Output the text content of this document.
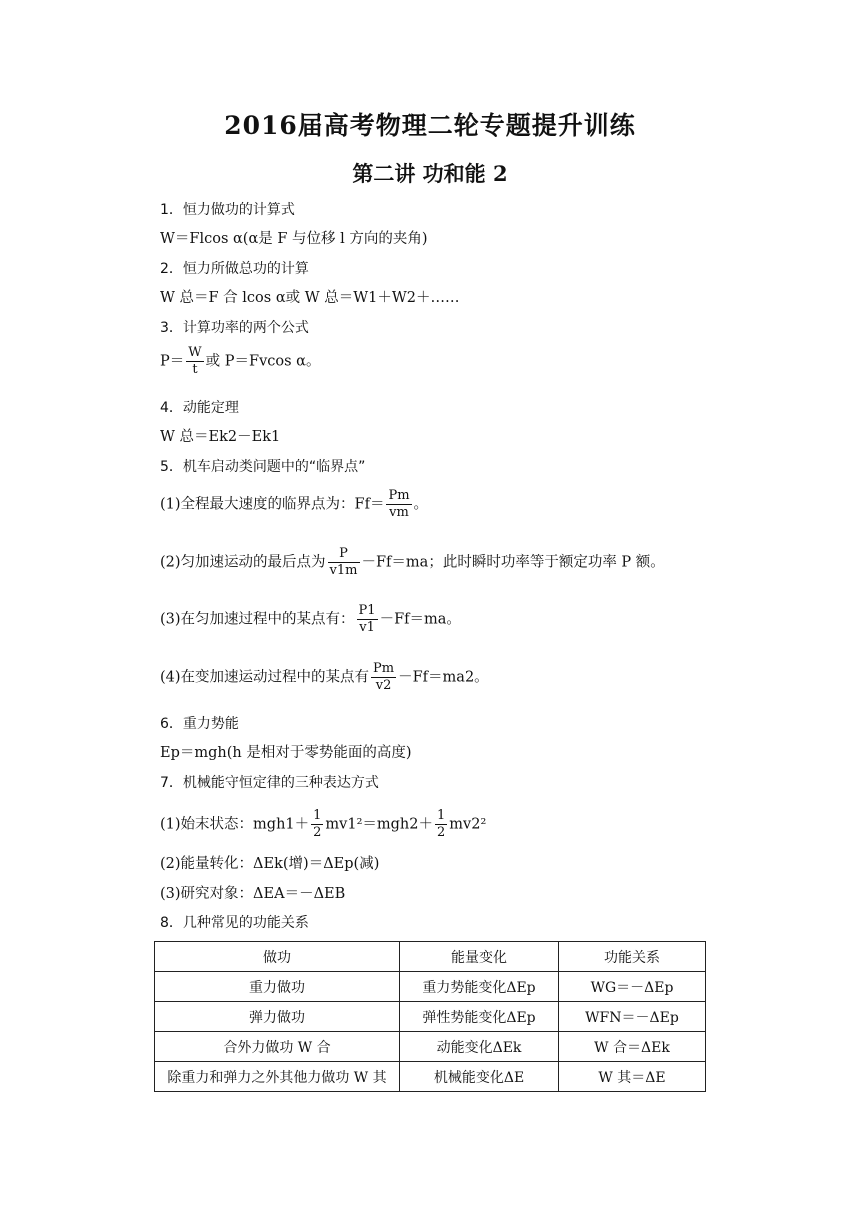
2016届高考物理二轮专题提升训练
第二讲 功和能 2
1．恒力做功的计算式
W＝Flcos α(α是 F 与位移 l 方向的夹角)
2．恒力所做总功的计算
W 总＝F 合 lcos α或 W 总＝W1＋W2＋……
3．计算功率的两个公式
$P= \frac{W}{t}$ 或 P＝Fvcos α。
4．动能定理
W 总＝Ek2－Ek1
5．机车启动类问题中的“临界点”
(1)全程最大速度的临界点为：$Ff= \frac{Pm}{vm}$ 。
(2)匀加速运动的最后点为 $\frac{P}{v1m} -Ff=ma$；此时瞬时功率等于额定功率 P 额。
(3)在匀加速过程中的某点有： $\frac{P1}{v1} -Ff=ma$。
(4)在变加速运动过程中的某点有 $\frac{Pm}{v2} -Ff=ma2$。
6．重力势能
Ep＝mgh(h 是相对于零势能面的高度)
7．机械能守恒定律的三种表达方式
(1)始末状态：$mgh1+ \frac{1}{2} mv1^2=mgh2+ \frac{1}{2} mv2^2$
(2)能量转化：ΔEk(增)＝ΔEp(减)
(3)研究对象：ΔEA＝－ΔEB
8．几种常见的功能关系
做功	能量变化	功能关系
重力做功	重力势能变化ΔEp	WG＝－ΔEp
弹力做功	弹性势能变化ΔEp	WFN＝－ΔEp
合外力做功 W 合	动能变化ΔEk	W 合＝ΔEk
除重力和弹力之外其他力做功 W 其	机械能变化ΔE	W 其＝ΔE
